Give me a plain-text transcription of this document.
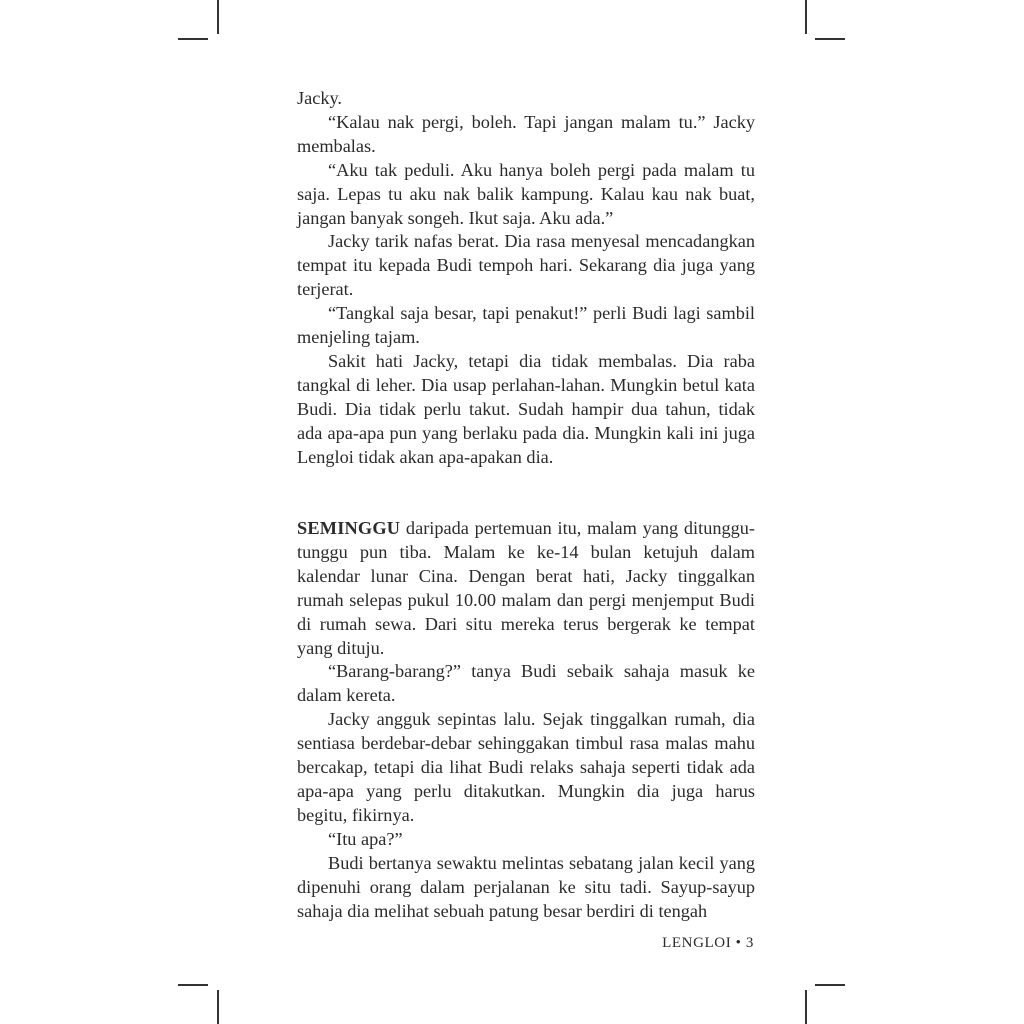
Jacky.

“Kalau nak pergi, boleh. Tapi jangan malam tu.” Jacky membalas.

“Aku tak peduli. Aku hanya boleh pergi pada malam tu saja. Lepas tu aku nak balik kampung. Kalau kau nak buat, jangan banyak songeh. Ikut saja. Aku ada.”

Jacky tarik nafas berat. Dia rasa menyesal mencadangkan tempat itu kepada Budi tempoh hari. Sekarang dia juga yang terjerat.

“Tangkal saja besar, tapi penakut!” perli Budi lagi sambil menjeling tajam.

Sakit hati Jacky, tetapi dia tidak membalas. Dia raba tangkal di leher. Dia usap perlahan-lahan. Mungkin betul kata Budi. Dia tidak perlu takut. Sudah hampir dua tahun, tidak ada apa-apa pun yang berlaku pada dia. Mungkin kali ini juga Lengloi tidak akan apa-apakan dia.

SEMINGGU daripada pertemuan itu, malam yang ditunggu-tunggu pun tiba. Malam ke ke-14 bulan ketujuh dalam kalendar lunar Cina. Dengan berat hati, Jacky tinggalkan rumah selepas pukul 10.00 malam dan pergi menjemput Budi di rumah sewa. Dari situ mereka terus bergerak ke tempat yang dituju.

“Barang-barang?” tanya Budi sebaik sahaja masuk ke dalam kereta.

Jacky angguk sepintas lalu. Sejak tinggalkan rumah, dia sentiasa berdebar-debar sehinggakan timbul rasa malas mahu bercakap, tetapi dia lihat Budi relaks sahaja seperti tidak ada apa-apa yang perlu ditakutkan. Mungkin dia juga harus begitu, fikirnya.

“Itu apa?”

Budi bertanya sewaktu melintas sebatang jalan kecil yang dipenuhi orang dalam perjalanan ke situ tadi. Sayup-sayup sahaja dia melihat sebuah patung besar berdiri di tengah

LENGLOI • 3
